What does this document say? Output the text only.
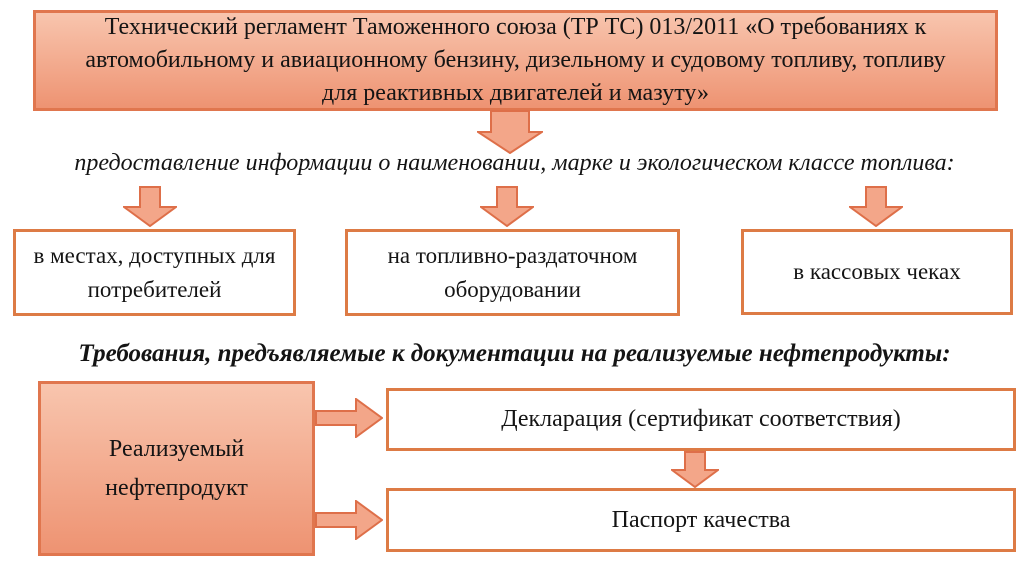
Технический регламент Таможенного союза (ТР ТС) 013/2011 «О требованиях к автомобильному и авиационному бензину, дизельному и судовому топливу, топливу для реактивных двигателей и мазуту»
предоставление информации о наименовании, марке и экологическом классе топлива:
в местах, доступных для потребителей
на топливно-раздаточном оборудовании
в кассовых чеках
Требования, предъявляемые к документации на реализуемые нефтепродукты:
Реализуемый нефтепродукт
Декларация (сертификат соответствия)
Паспорт качества
